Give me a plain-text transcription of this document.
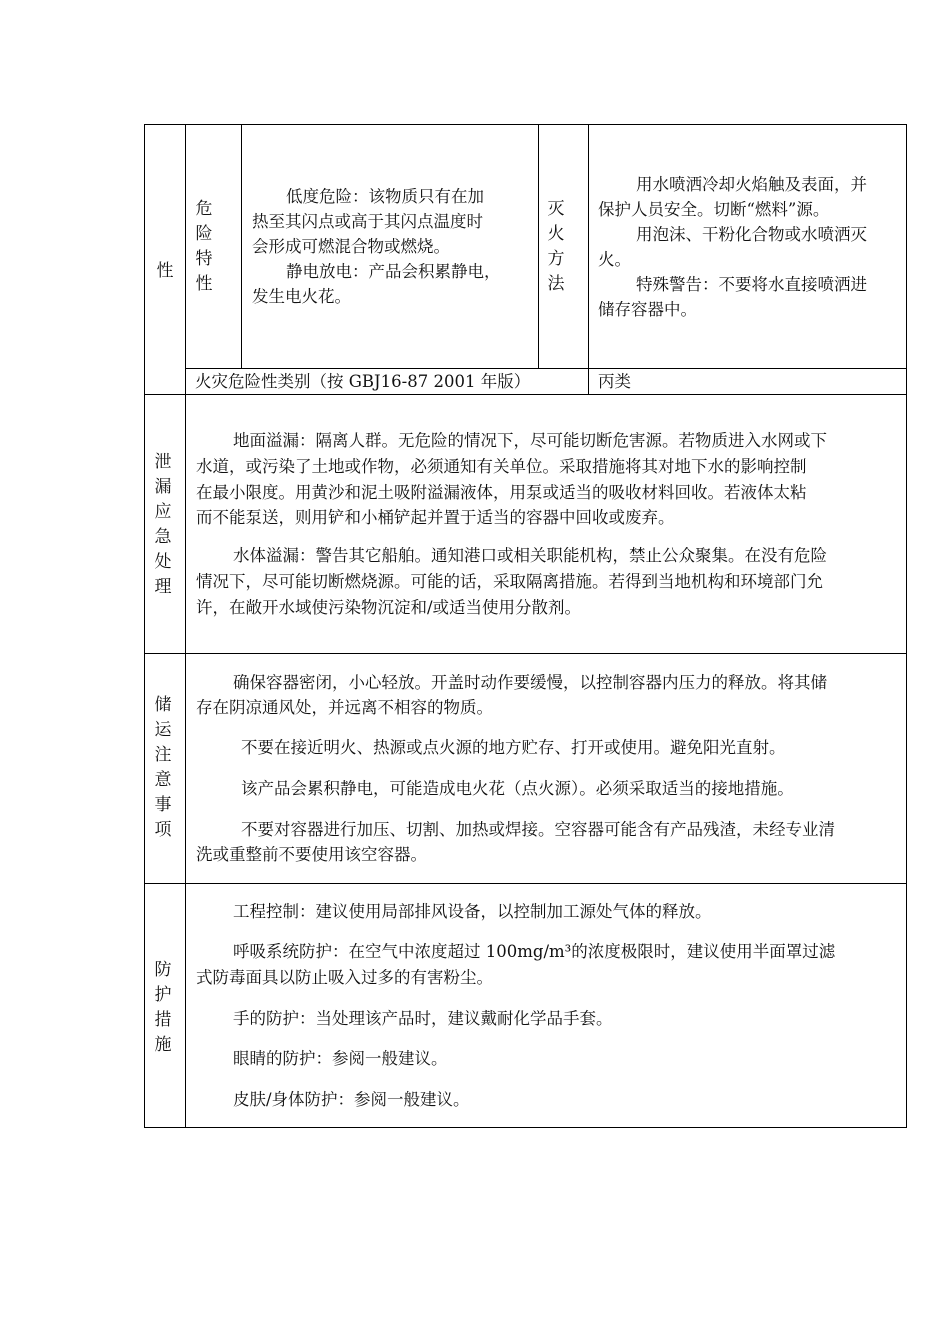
性
危险特性
低度危险：该物质只有在加
热至其闪点或高于其闪点温度时
会形成可燃混合物或燃烧。
静电放电：产品会积累静电，
发生电火花。
灭火方法
用水喷洒冷却火焰触及表面，并
保护人员安全。切断“燃料”源。
用泡沫、干粉化合物或水喷洒灭
火。
特殊警告：不要将水直接喷洒进
储存容器中。
火灾危险性类别（按 GBJ16-87 2001 年版）	丙类
泄漏应急处理
地面溢漏：隔离人群。无危险的情况下，尽可能切断危害源。若物质进入水网或下
水道，或污染了土地或作物，必须通知有关单位。采取措施将其对地下水的影响控制
在最小限度。用黄沙和泥土吸附溢漏液体，用泵或适当的吸收材料回收。若液体太粘
而不能泵送，则用铲和小桶铲起并置于适当的容器中回收或废弃。
水体溢漏：警告其它船舶。通知港口或相关职能机构，禁止公众聚集。在没有危险
情况下，尽可能切断燃烧源。可能的话，采取隔离措施。若得到当地机构和环境部门允
许，在敞开水域使污染物沉淀和/或适当使用分散剂。
储运注意事项
确保容器密闭，小心轻放。开盖时动作要缓慢，以控制容器内压力的释放。将其储
存在阴凉通风处，并远离不相容的物质。
不要在接近明火、热源或点火源的地方贮存、打开或使用。避免阳光直射。
该产品会累积静电，可能造成电火花（点火源）。必须采取适当的接地措施。
不要对容器进行加压、切割、加热或焊接。空容器可能含有产品残渣，未经专业清
洗或重整前不要使用该空容器。
防护措施
工程控制：建议使用局部排风设备，以控制加工源处气体的释放。
呼吸系统防护：在空气中浓度超过 100mg/m³的浓度极限时，建议使用半面罩过滤
式防毒面具以防止吸入过多的有害粉尘。
手的防护：当处理该产品时，建议戴耐化学品手套。
眼睛的防护：参阅一般建议。
皮肤/身体防护：参阅一般建议。
